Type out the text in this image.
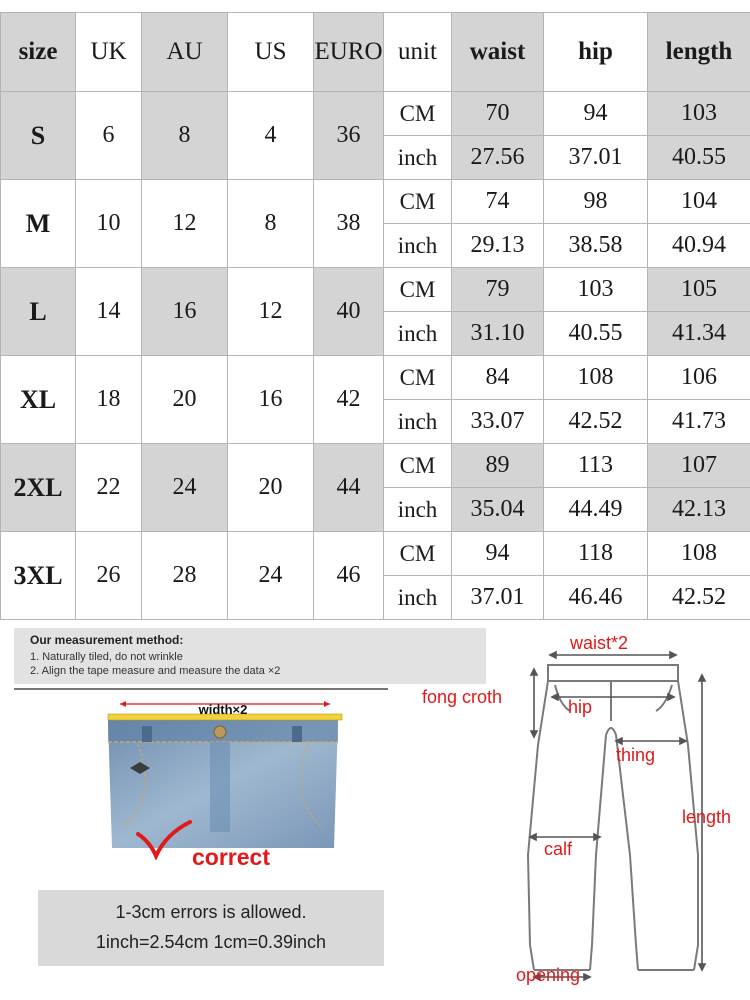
size	UK	AU	US	EURO	unit	waist	hip	length
S	6	8	4	36	CM	70	94	103
					inch	27.56	37.01	40.55
M	10	12	8	38	CM	74	98	104
					inch	29.13	38.58	40.94
L	14	16	12	40	CM	79	103	105
					inch	31.10	40.55	41.34
XL	18	20	16	42	CM	84	108	106
					inch	33.07	42.52	41.73
2XL	22	24	20	44	CM	89	113	107
					inch	35.04	44.49	42.13
3XL	26	28	24	46	CM	94	118	108
					inch	37.01	46.46	42.52
Our measurement method:
1. Naturally tiled, do not wrinkle
2. Align the tape measure and measure the data ×2
width×2
correct
1-3cm errors is allowed.
1inch=2.54cm 1cm=0.39inch
waist*2
fong croth	hip
thing
length
calf
opening
